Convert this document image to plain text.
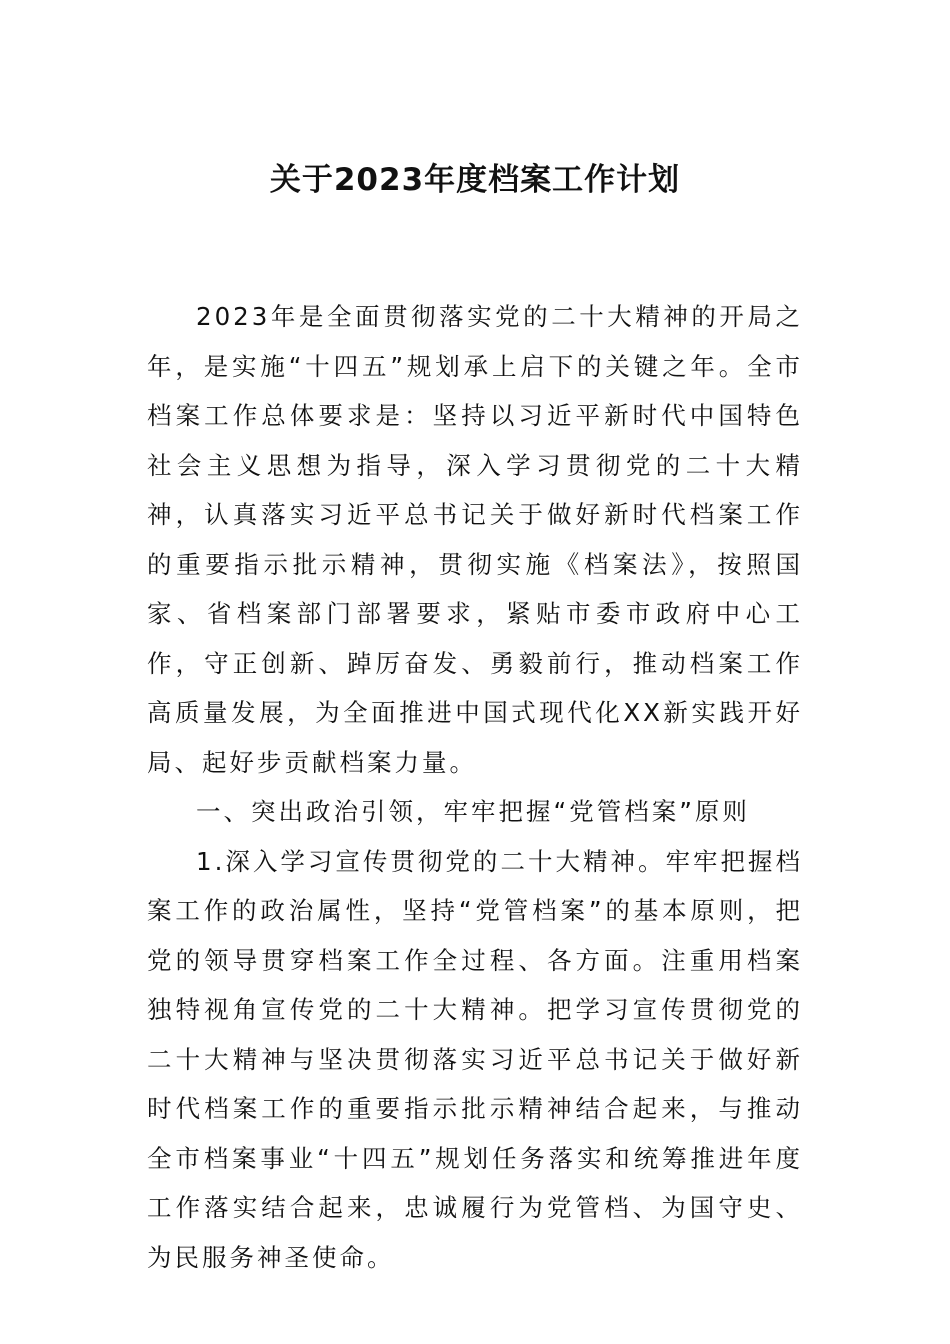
关于2023年度档案工作计划

2023年是全面贯彻落实党的二十大精神的开局之年，是实施“十四五”规划承上启下的关键之年。全市档案工作总体要求是：坚持以习近平新时代中国特色社会主义思想为指导，深入学习贯彻党的二十大精神，认真落实习近平总书记关于做好新时代档案工作的重要指示批示精神，贯彻实施《档案法》，按照国家、省档案部门部署要求，紧贴市委市政府中心工作，守正创新、踔厉奋发、勇毅前行，推动档案工作高质量发展，为全面推进中国式现代化XX新实践开好局、起好步贡献档案力量。

一、突出政治引领，牢牢把握“党管档案”原则

1.深入学习宣传贯彻党的二十大精神。牢牢把握档案工作的政治属性，坚持“党管档案”的基本原则，把党的领导贯穿档案工作全过程、各方面。注重用档案独特视角宣传党的二十大精神。把学习宣传贯彻党的二十大精神与坚决贯彻落实习近平总书记关于做好新时代档案工作的重要指示批示精神结合起来，与推动全市档案事业“十四五”规划任务落实和统筹推进年度工作落实结合起来，忠诚履行为党管档、为国守史、为民服务神圣使命。
